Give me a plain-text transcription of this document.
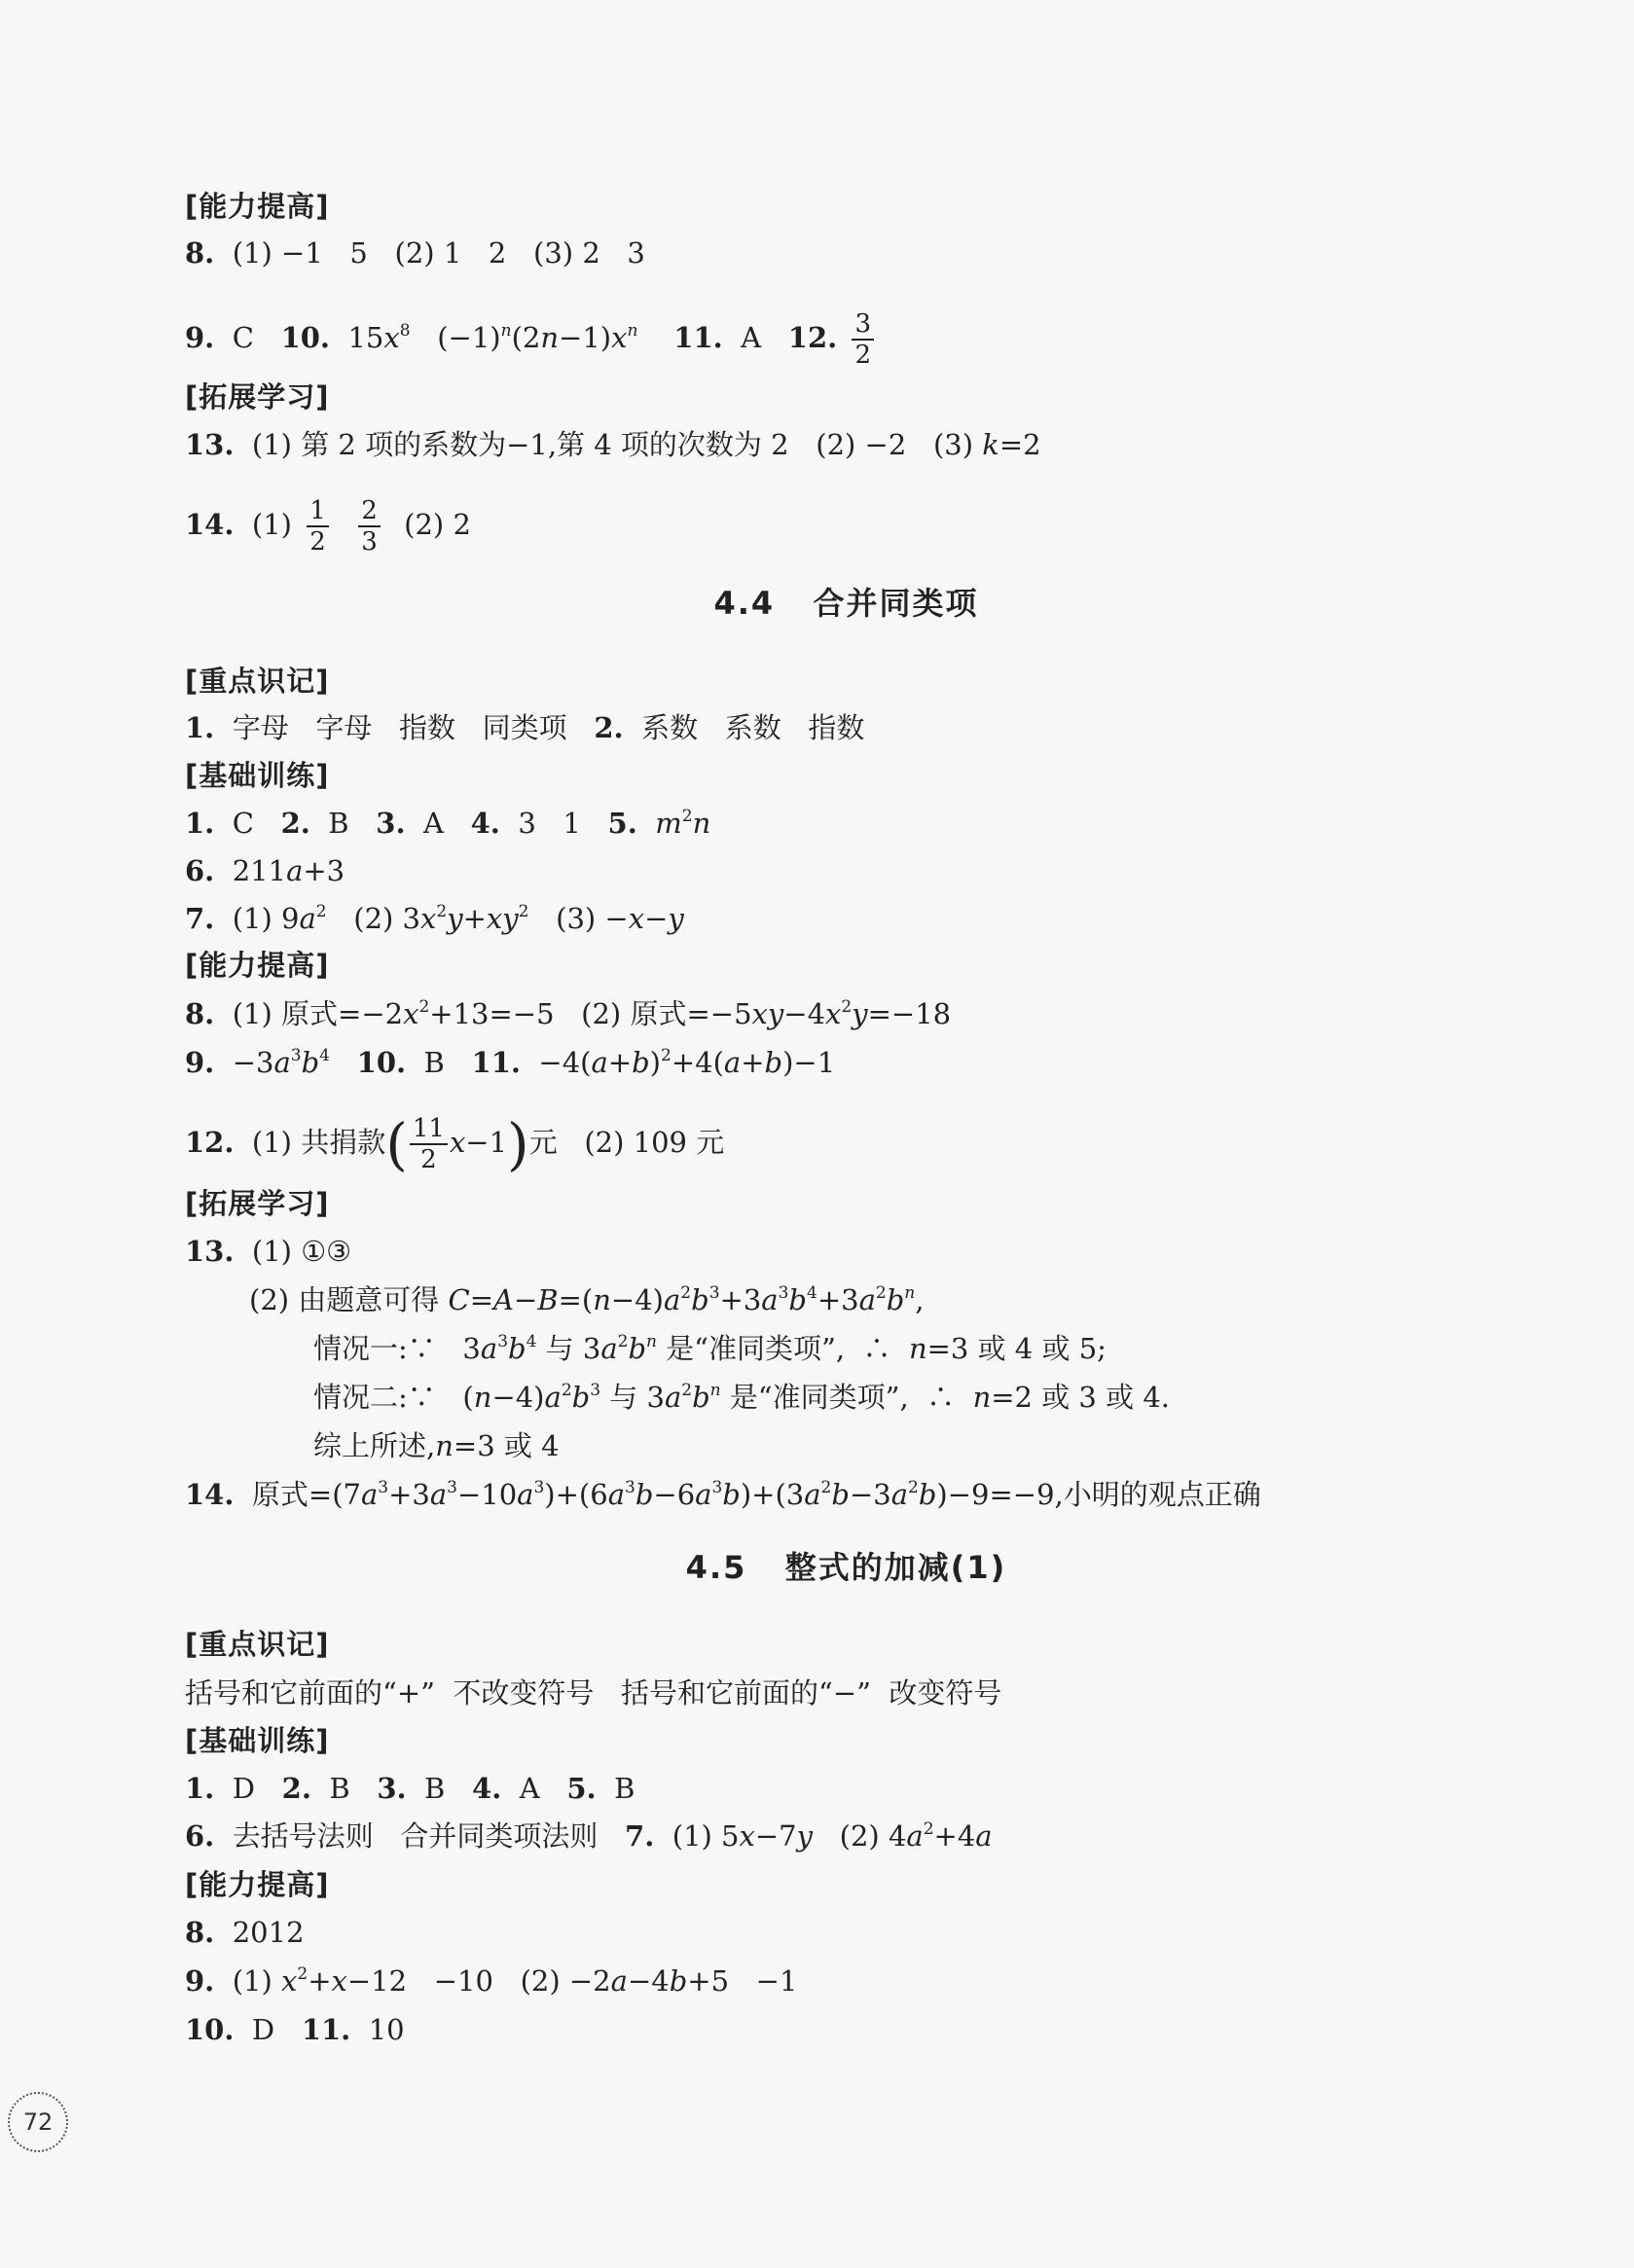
[能力提高]
8. (1) −1   5   (2) 1   2   (3) 2   3
9. C 10. $15x^8$ $(-1)^n(2n-1)x^n$ 11. A 12. $\frac{3}{2}$
[拓展学习]
13. (1) 第 2 项的系数为−1,第 4 项的次数为 2   (2) −2   (3) k=2
14. $(1) \frac{1}{2}$
$\frac{2}{3} (2)$ 2
4.4   合并同类项
[重点识记]
1. 字母   字母   指数   同类项 2. 系数   系数   指数
[基础训练]
1. C 2. B 3. A 4. 3   1 5. $m^2n$
6. 211a+3
7. (1) $9a^2$ (2) $3x^2y+xy^2$ (3) −x−y
[能力提高]
8. (1) 原式$=-2x^2+13=-5$   (2) 原式$=-5xy-4x^2y=-18$
9. $-3a^3b^4$ 10. B 11. $-4(a+b)^2+4(a+b)-1$
12. (1) 共捐款( $\frac{11}{2} x-1$)元   (2) 109 元
[拓展学习]
13. (1) ①③
(2) 由题意可得 $C=A-B=(n-4)a^2b^3+3a^3b^4+3a^2b^n$,
情况一:∵   $3a^3b^4$ 与 $3a^2b^n$ 是“准同类项”,  ∴  n=3 或 4 或 5;
情况二:∵   $(n-4)a^2b^3$ 与 $3a^2b^n$ 是“准同类项”,  ∴  n=2 或 3 或 4.
综上所述,n=3 或 4
14. 原式$=(7a^3+3a^3-10a^3)+(6a^3b-6a^3b)+(3a^2b-3a^2b)-9=-9$,小明的观点正确
4.5   整式的加减(1)
[重点识记]
括号和它前面的“+”  不改变符号   括号和它前面的“−”  改变符号
[基础训练]
1. D 2. B 3. B 4. A 5. B
6. 去括号法则   合并同类项法则 7. (1) 5x−7y (2) $4a^2+4a$
[能力提高]
8. 2012
9. (1) $x^2+x-12 -10$   (2) −2a−4b+5   −1
10. D 11. 10
72
